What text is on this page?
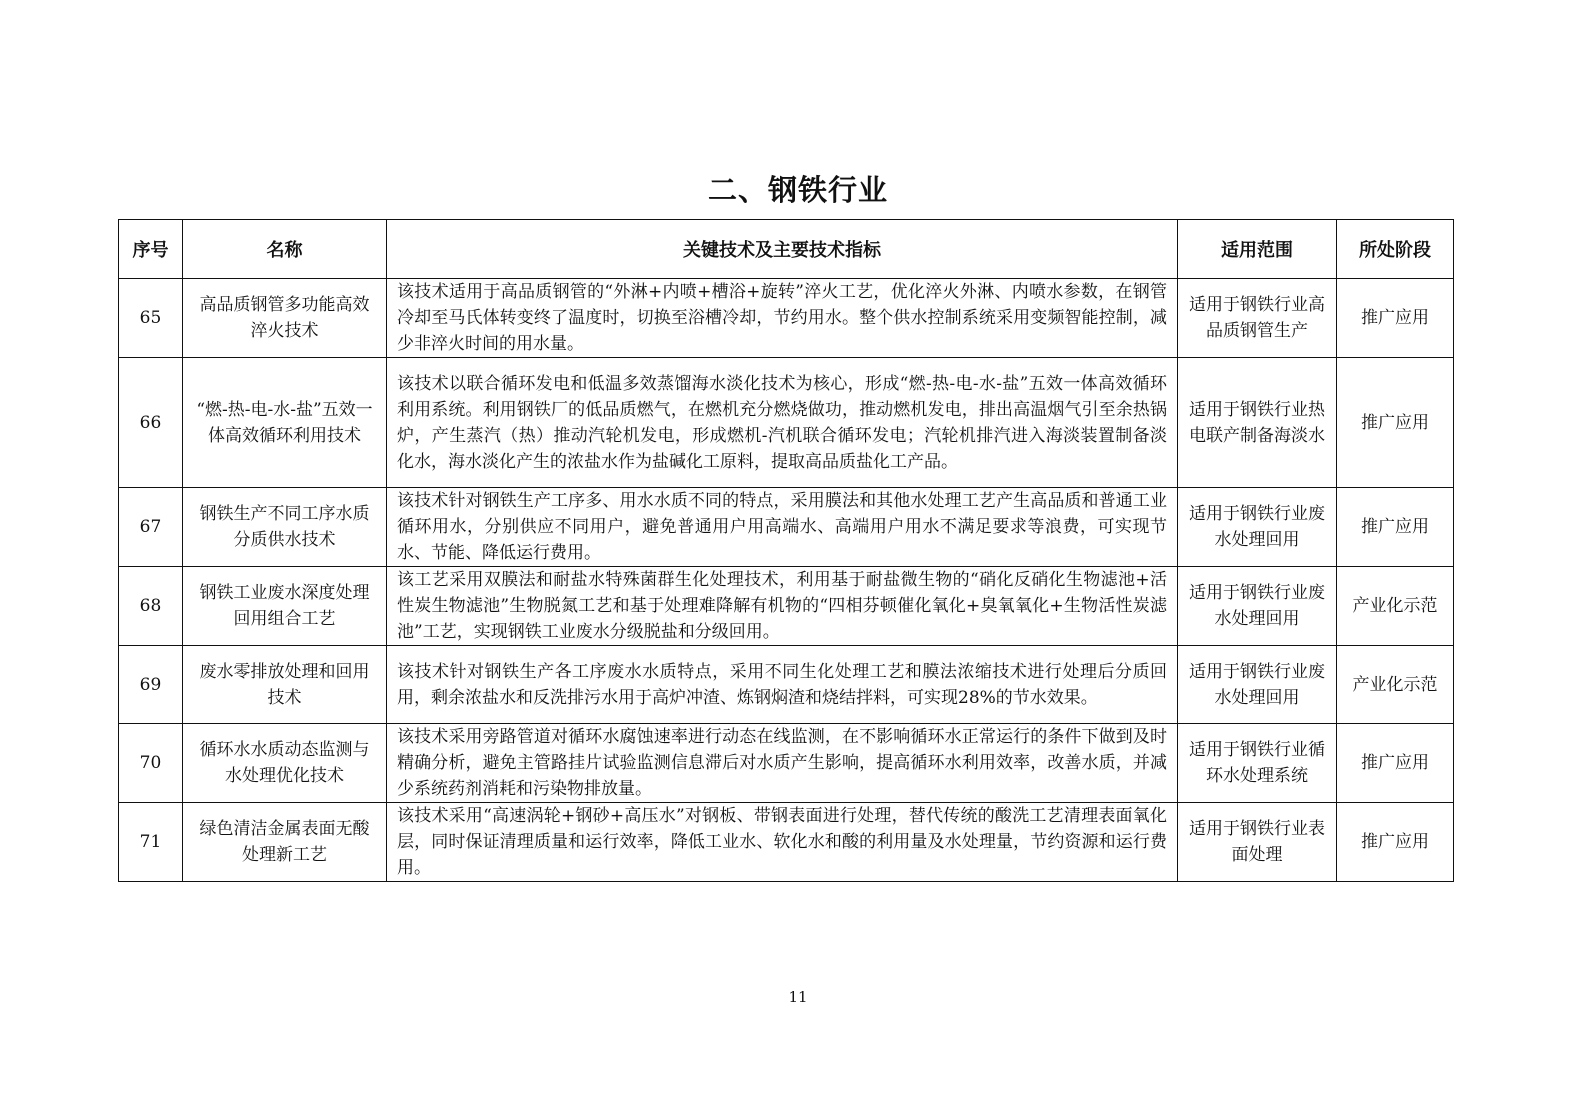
二、钢铁行业
序号	名称	关键技术及主要技术指标	适用范围	所处阶段
65	高品质钢管多功能高效淬火技术	该技术适用于高品质钢管的“外淋+内喷+槽浴+旋转”淬火工艺，优化淬火外淋、内喷水参数，在钢管冷却至马氏体转变终了温度时，切换至浴槽冷却，节约用水。整个供水控制系统采用变频智能控制，减少非淬火时间的用水量。	适用于钢铁行业高品质钢管生产	推广应用
66	“燃-热-电-水-盐”五效一体高效循环利用技术	该技术以联合循环发电和低温多效蒸馏海水淡化技术为核心，形成“燃-热-电-水-盐”五效一体高效循环利用系统。利用钢铁厂的低品质燃气，在燃机充分燃烧做功，推动燃机发电，排出高温烟气引至余热锅炉，产生蒸汽（热）推动汽轮机发电，形成燃机-汽机联合循环发电；汽轮机排汽进入海淡装置制备淡化水，海水淡化产生的浓盐水作为盐碱化工原料，提取高品质盐化工产品。	适用于钢铁行业热电联产制备海淡水	推广应用
67	钢铁生产不同工序水质分质供水技术	该技术针对钢铁生产工序多、用水水质不同的特点，采用膜法和其他水处理工艺产生高品质和普通工业循环用水，分别供应不同用户，避免普通用户用高端水、高端用户用水不满足要求等浪费，可实现节水、节能、降低运行费用。	适用于钢铁行业废水处理回用	推广应用
68	钢铁工业废水深度处理回用组合工艺	该工艺采用双膜法和耐盐水特殊菌群生化处理技术，利用基于耐盐微生物的“硝化反硝化生物滤池+活性炭生物滤池”生物脱氮工艺和基于处理难降解有机物的“四相芬顿催化氧化+臭氧氧化+生物活性炭滤池”工艺，实现钢铁工业废水分级脱盐和分级回用。	适用于钢铁行业废水处理回用	产业化示范
69	废水零排放处理和回用技术	该技术针对钢铁生产各工序废水水质特点，采用不同生化处理工艺和膜法浓缩技术进行处理后分质回用，剩余浓盐水和反洗排污水用于高炉冲渣、炼钢焖渣和烧结拌料，可实现28%的节水效果。	适用于钢铁行业废水处理回用	产业化示范
70	循环水水质动态监测与水处理优化技术	该技术采用旁路管道对循环水腐蚀速率进行动态在线监测，在不影响循环水正常运行的条件下做到及时精确分析，避免主管路挂片试验监测信息滞后对水质产生影响，提高循环水利用效率，改善水质，并减少系统药剂消耗和污染物排放量。	适用于钢铁行业循环水处理系统	推广应用
71	绿色清洁金属表面无酸处理新工艺	该技术采用“高速涡轮+钢砂+高压水”对钢板、带钢表面进行处理，替代传统的酸洗工艺清理表面氧化层，同时保证清理质量和运行效率，降低工业水、软化水和酸的利用量及水处理量，节约资源和运行费用。	适用于钢铁行业表面处理	推广应用
11
